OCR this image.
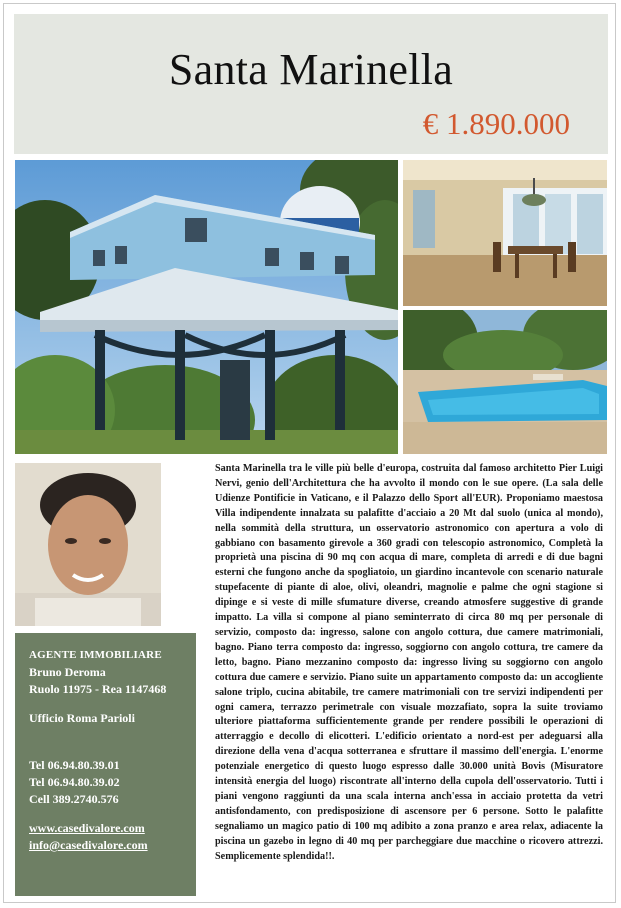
Santa Marinella
€ 1.890.000
AGENTE IMMOBILIARE
Bruno Deroma
Ruolo 11975 - Rea 1147468
Ufficio Roma Parioli
Tel 06.94.80.39.01
Tel 06.94.80.39.02
Cell 389.2740.576
www.casedivalore.com
info@casedivalore.com

Santa Marinella tra le ville più belle d'europa, costruita dal famoso architetto Pier Luigi Nervi, genio dell'Architettura che ha avvolto il mondo con le sue opere. (La sala delle Udienze Pontificie in Vaticano, e il Palazzo dello Sport all'EUR). Proponiamo maestosa Villa indipendente innalzata su palafitte d'acciaio a 20 Mt dal suolo (unica al mondo), nella sommità della struttura, un osservatorio astronomico con apertura a volo di gabbiano con basamento girevole a 360 gradi con telescopio astronomico, Completà la proprietà una piscina di 90 mq con acqua di mare, completa di arredi e di due bagni esterni che fungono anche da spogliatoio, un giardino incantevole con scenario naturale stupefacente di piante di aloe, olivi, oleandri, magnolie e palme che ogni stagione si dipinge e si veste di mille sfumature diverse, creando atmosfere suggestive di grande impatto. La villa si compone al piano seminterrato di circa 80 mq per personale di servizio, composto da: ingresso, salone con angolo cottura, due camere matrimoniali, bagno. Piano terra composto da: ingresso, soggiorno con angolo cottura, tre camere da letto, bagno. Piano mezzanino composto da: ingresso living su soggiorno con angolo cottura due camere e servizio. Piano suite un appartamento composto da: un accogliente salone triplo, cucina abitabile, tre camere matrimoniali con tre servizi indipendenti per ogni camera, terrazzo perimetrale con visuale mozzafiato, sopra la suite troviamo ulteriore piattaforma sufficientemente grande per rendere possibili le operazioni di atterraggio e decollo di elicotteri. L'edificio orientato a nord-est per adeguarsi alla direzione della vena d'acqua sotterranea e sfruttare il massimo dell'energia. L'enorme potenziale energetico di questo luogo espresso dalle 30.000 unità Bovis (Misuratore intensità energia del luogo) riscontrate all'interno della cupola dell'osservatorio. Tutti i piani vengono raggiunti da una scala interna anch'essa in acciaio protetta da vetri antisfondamento, con predisposizione di ascensore per 6 persone. Sotto le palafitte segnaliamo un magico patio di 100 mq adibito a zona pranzo e area relax, adiacente la piscina un gazebo in legno di 40 mq per parcheggiare due macchine o ricovero attrezzi. Semplicemente splendida!!.
